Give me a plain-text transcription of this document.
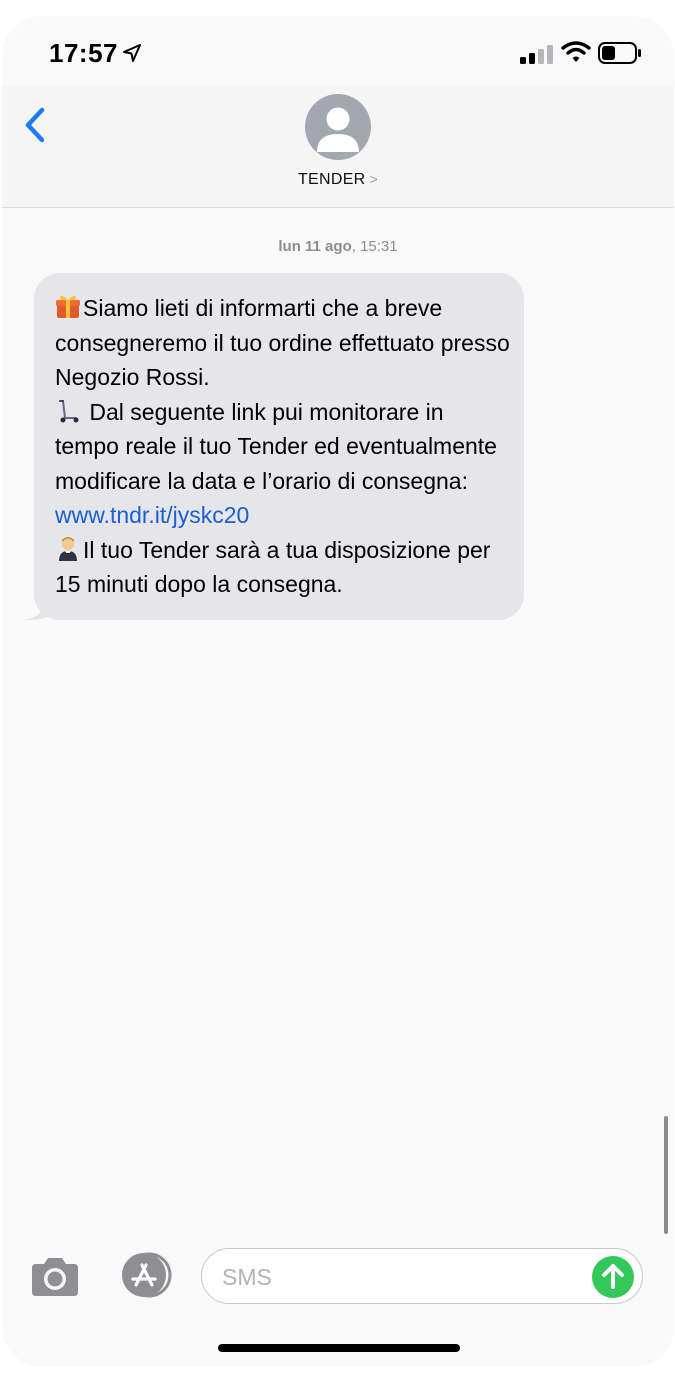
17:57
TENDER >
lun 11 ago, 15:31

Siamo lieti di informarti che a breve consegneremo il tuo ordine effettuato presso Negozio Rossi.

Dal seguente link pui monitorare in tempo reale il tuo Tender ed eventualmente modificare la data e l’orario di consegna: www.tndr.it/jyskc20

Il tuo Tender sarà a tua disposizione per 15 minuti dopo la consegna.

SMS
